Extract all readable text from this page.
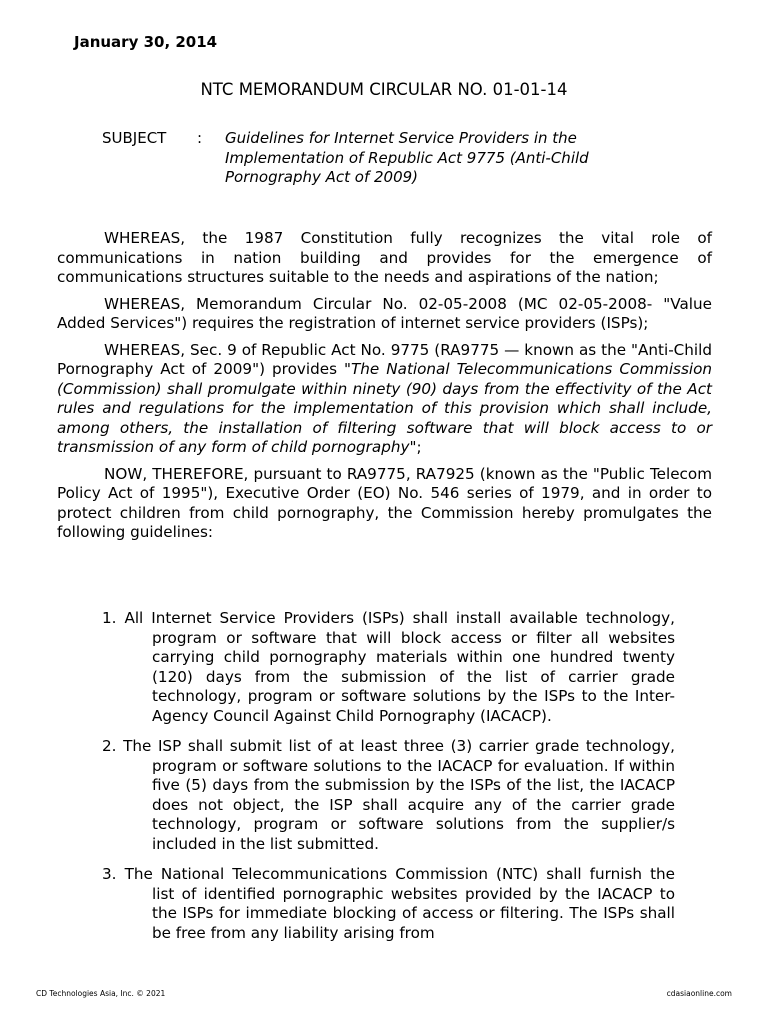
January 30, 2014
NTC MEMORANDUM CIRCULAR NO. 01-01-14
SUBJECT : Guidelines for Internet Service Providers in the Implementation of Republic Act 9775 (Anti-Child Pornography Act of 2009)

WHEREAS, the 1987 Constitution fully recognizes the vital role of communications in nation building and provides for the emergence of communications structures suitable to the needs and aspirations of the nation;

WHEREAS, Memorandum Circular No. 02-05-2008 (MC 02-05-2008- "Value Added Services") requires the registration of internet service providers (ISPs);

WHEREAS, Sec. 9 of Republic Act No. 9775 (RA9775 — known as the "Anti-Child Pornography Act of 2009") provides "The National Telecommunications Commission (Commission) shall promulgate within ninety (90) days from the effectivity of the Act rules and regulations for the implementation of this provision which shall include, among others, the installation of filtering software that will block access to or transmission of any form of child pornography";

NOW, THEREFORE, pursuant to RA9775, RA7925 (known as the "Public Telecom Policy Act of 1995"), Executive Order (EO) No. 546 series of 1979, and in order to protect children from child pornography, the Commission hereby promulgates the following guidelines:

1. All Internet Service Providers (ISPs) shall install available technology, program or software that will block access or filter all websites carrying child pornography materials within one hundred twenty (120) days from the submission of the list of carrier grade technology, program or software solutions by the ISPs to the Inter-Agency Council Against Child Pornography (IACACP).
2. The ISP shall submit list of at least three (3) carrier grade technology, program or software solutions to the IACACP for evaluation. If within five (5) days from the submission by the ISPs of the list, the IACACP does not object, the ISP shall acquire any of the carrier grade technology, program or software solutions from the supplier/s included in the list submitted.
3. The National Telecommunications Commission (NTC) shall furnish the list of identified pornographic websites provided by the IACACP to the ISPs for immediate blocking of access or filtering. The ISPs shall be free from any liability arising from
CD Technologies Asia, Inc. © 2021	cdasiaonline.com
